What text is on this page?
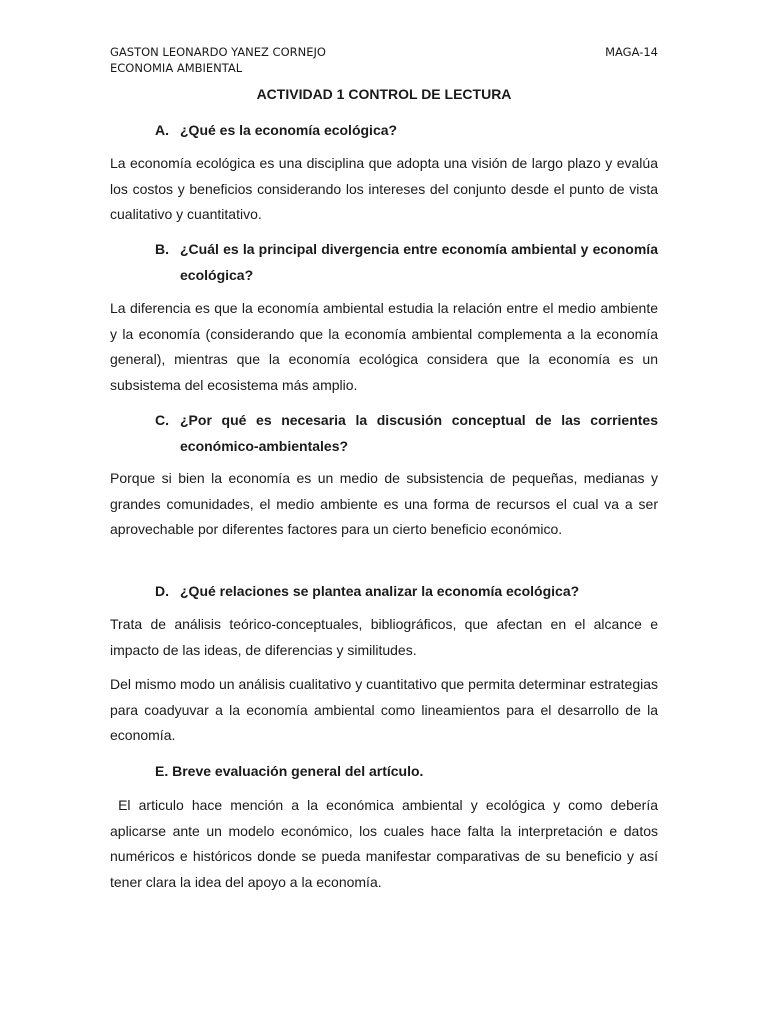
GASTON LEONARDO YANEZ CORNEJO
ECONOMIA AMBIENTAL
MAGA-14
ACTIVIDAD 1 CONTROL DE LECTURA
A. ¿Qué es la economía ecológica?
La economía ecológica es una disciplina que adopta una visión de largo plazo y evalúa los costos y beneficios considerando los intereses del conjunto desde el punto de vista cualitativo y cuantitativo.
B. ¿Cuál es la principal divergencia entre economía ambiental y economía ecológica?
La diferencia es que la economía ambiental estudia la relación entre el medio ambiente y la economía (considerando que la economía ambiental complementa a la economía general), mientras que la economía ecológica considera que la economía es un subsistema del ecosistema más amplio.
C. ¿Por qué es necesaria la discusión conceptual de las corrientes económico-ambientales?
Porque si bien la economía es un medio de subsistencia de pequeñas, medianas y grandes comunidades, el medio ambiente es una forma de recursos el cual va a ser aprovechable por diferentes factores para un cierto beneficio económico.
D. ¿Qué relaciones se plantea analizar la economía ecológica?
Trata de análisis teórico-conceptuales, bibliográficos, que afectan en el alcance e impacto de las ideas, de diferencias y similitudes.
Del mismo modo un análisis cualitativo y cuantitativo que permita determinar estrategias para coadyuvar a la economía ambiental como lineamientos para el desarrollo de la economía.
E. Breve evaluación general del artículo.
El articulo hace mención a la económica ambiental y ecológica y como debería aplicarse ante un modelo económico, los cuales hace falta la interpretación e datos numéricos e históricos donde se pueda manifestar comparativas de su beneficio y así tener clara la idea del apoyo a la economía.
